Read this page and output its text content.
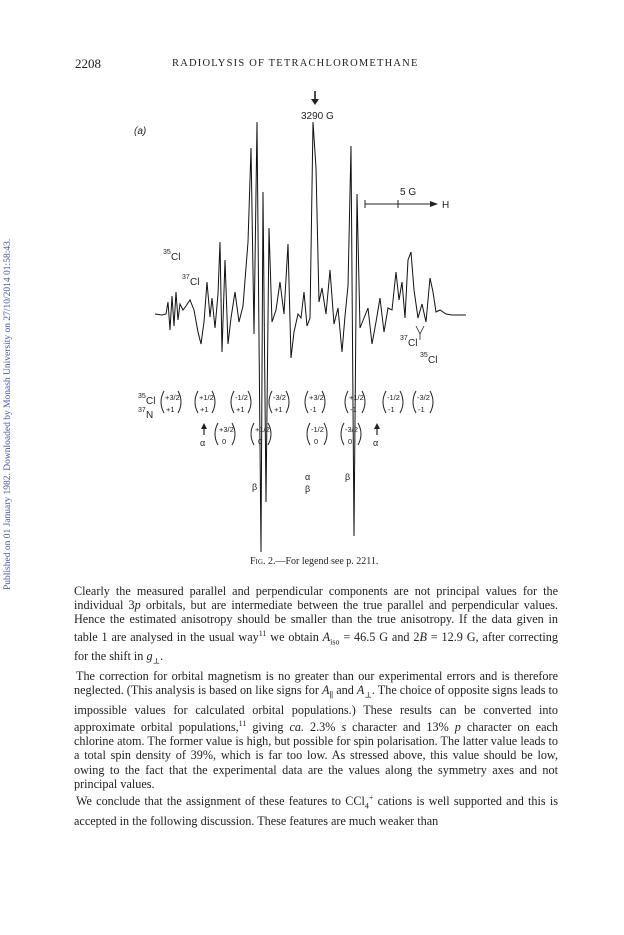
Published on 01 January 1982. Downloaded by Monash University on 27/10/2014 01:58:43.
2208	RADIOLYSIS OF TETRACHLOROMETHANE
(a)
3290 G
5 G
H
35 Cl
37 Cl
37 Cl
35 Cl
35 Cl
37 N
+3/2
+1
+1/2
+1
-1/2
+1
-3/2
+1
+3/2
-1
+1/2
-1
-1/2
-1
-3/2
-1
α
+3/2
0
+1/2
0
-1/2
0
-3/2
0 α
β
α
β
β
Fig. 2.—For legend see p. 2211.

Clearly the measured parallel and perpendicular components are not principal values for the individual 3p orbitals, but are intermediate between the true parallel and perpendicular values. Hence the estimated anisotropy should be smaller than the true anisotropy. If the data given in table 1 are analysed in the usual way$^{11}$ we obtain $A_{iso} = 46.5$ G and 2B = 12.9 G, after correcting for the shift in $g_\perp$.

The correction for orbital magnetism is no greater than our experimental errors and is therefore neglected. (This analysis is based on like signs for $A_\parallel$ and $A_\perp$. The choice of opposite signs leads to impossible values for calculated orbital populations.) These results can be converted into approximate orbital populations,$^{11}$ giving ca. 2.3% s character and 13% p character on each chlorine atom. The former value is high, but possible for spin polarisation. The latter value leads to a total spin density of 39%, which is far too low. As stressed above, this value should be low, owing to the fact that the experimental data are the values along the symmetry axes and not principal values.

We conclude that the assignment of these features to CCl$_4$+ cations is well supported and this is accepted in the following discussion. These features are much weaker than
